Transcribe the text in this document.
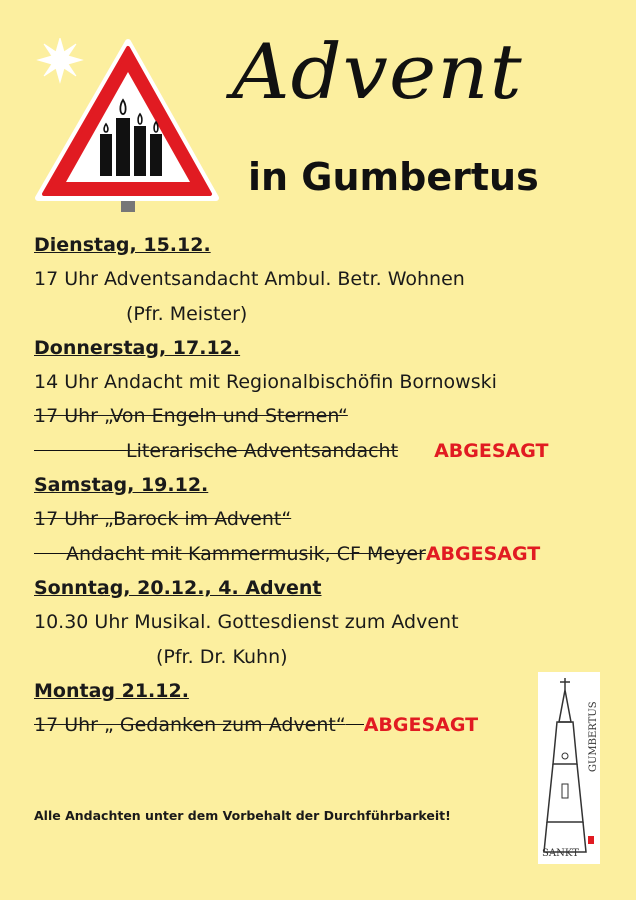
Advent
in Gumbertus
Dienstag, 15.12.
17 Uhr Adventsandacht Ambul. Betr. Wohnen
(Pfr. Meister)
Donnerstag, 17.12.
14 Uhr Andacht mit Regionalbischöfin Bornowski
17 Uhr „Von Engeln und Sternen“
Literarische Adventsandacht ABGESAGT
Samstag, 19.12.
17 Uhr „Barock im Advent“
Andacht mit Kammermusik, CF MeyerABGESAGT
Sonntag, 20.12., 4. Advent
10.30 Uhr Musikal. Gottesdienst zum Advent
(Pfr. Dr. Kuhn)
Montag 21.12.
17 Uhr „ Gedanken zum Advent“ ABGESAGT
Alle Andachten unter dem Vorbehalt der Durchführbarkeit!
SANKT
GUMBERTUS
